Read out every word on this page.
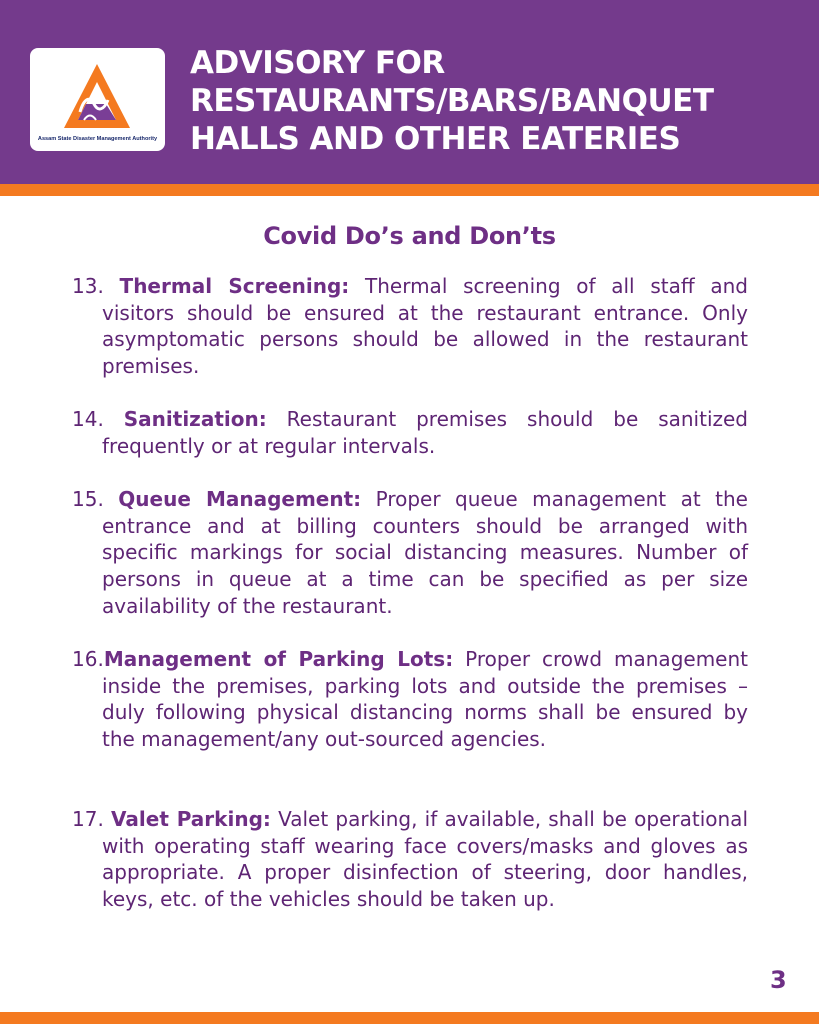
Assam State Disaster Management Authority
ADVISORY FOR
RESTAURANTS/BARS/BANQUET
HALLS AND OTHER EATERIES
Covid Do’s and Don’ts

13. Thermal Screening: Thermal screening of all staff and visitors should be ensured at the restaurant entrance. Only asymptomatic persons should be allowed in the restaurant premises.

14. Sanitization: Restaurant premises should be sanitized frequently or at regular intervals.

15. Queue Management: Proper queue management at the entrance and at billing counters should be arranged with specific markings for social distancing measures. Number of persons in queue at a time can be specified as per size availability of the restaurant.

16.Management of Parking Lots: Proper crowd management inside the premises, parking lots and outside the premises – duly following physical distancing norms shall be ensured by the management/any out-sourced agencies.

17. Valet Parking: Valet parking, if available, shall be operational with operating staff wearing face covers/masks and gloves as appropriate. A proper disinfection of steering, door handles, keys, etc. of the vehicles should be taken up.

3
